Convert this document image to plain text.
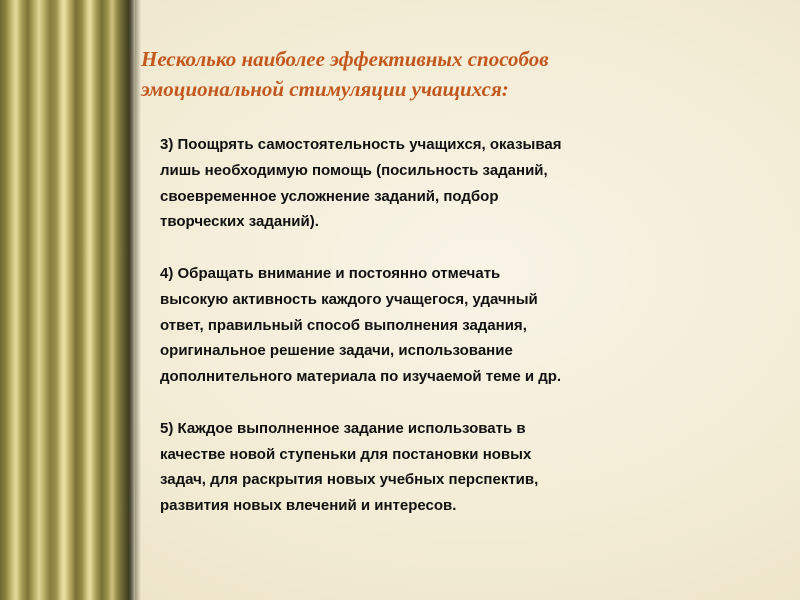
Несколько наиболее эффективных способов
эмоциональной стимуляции учащихся:

3) Поощрять самостоятельность учащихся, оказывая
лишь необходимую помощь (посильность заданий,
своевременное усложнение заданий, подбор
творческих заданий).

4) Обращать внимание и постоянно отмечать
высокую активность каждого учащегося, удачный
ответ, правильный способ выполнения задания,
оригинальное решение задачи, использование
дополнительного материала по изучаемой теме и др.

5) Каждое выполненное задание использовать в
качестве новой ступеньки для постановки новых
задач, для раскрытия новых учебных перспектив,
развития новых влечений и интересов.
